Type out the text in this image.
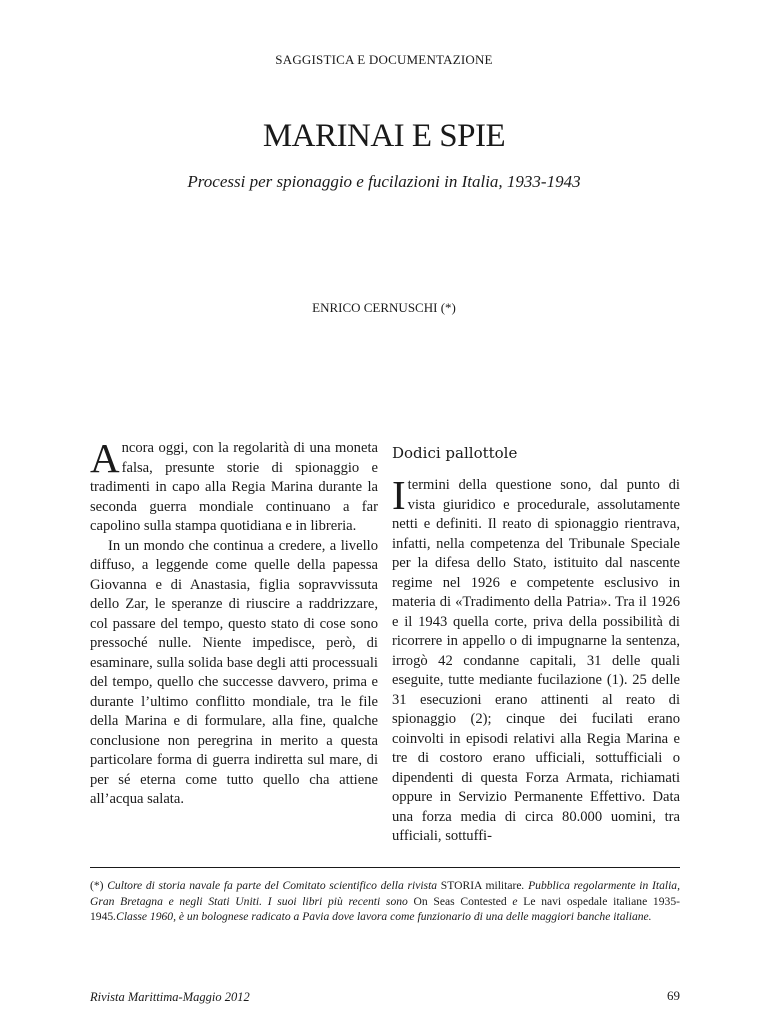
SAGGISTICA E DOCUMENTAZIONE
MARINAI E SPIE
Processi per spionaggio e fucilazioni in Italia, 1933-1943
ENRICO CERNUSCHI (*)

Ancora oggi, con la regolarità di una moneta falsa, presunte storie di spionaggio e tradimenti in capo alla Regia Marina durante la seconda guerra mondiale continuano a far capolino sulla stampa quotidiana e in libreria.

In un mondo che continua a credere, a livello diffuso, a leggende come quelle della papessa Giovanna e di Anastasia, figlia sopravvissuta dello Zar, le speranze di riuscire a raddrizzare, col passare del tempo, questo stato di cose sono pressoché nulle. Niente impedisce, però, di esaminare, sulla solida base degli atti processuali del tempo, quello che successe davvero, prima e durante l’ultimo conflitto mondiale, tra le file della Marina e di formulare, alla fine, qualche conclusione non peregrina in merito a questa particolare forma di guerra indiretta sul mare, di per sé eterna come tutto quello cha attiene all’acqua salata.

Dodici pallottole

Itermini della questione sono, dal punto di vista giuridico e procedurale, assolutamente netti e definiti. Il reato di spionaggio rientrava, infatti, nella competenza del Tribunale Speciale per la difesa dello Stato, istituito dal nascente regime nel 1926 e competente esclusivo in materia di «Tradimento della Patria». Tra il 1926 e il 1943 quella corte, priva della possibilità di ricorrere in appello o di impugnarne la sentenza, irrogò 42 condanne capitali, 31 delle quali eseguite, tutte mediante fucilazione (1). 25 delle 31 esecuzioni erano attinenti al reato di spionaggio (2); cinque dei fucilati erano coinvolti in episodi relativi alla Regia Marina e tre di costoro erano ufficiali, sottufficiali o dipendenti di questa Forza Armata, richiamati oppure in Servizio Permanente Effettivo. Data una forza media di circa 80.000 uomini, tra ufficiali, sottuffi-

(*) Cultore di storia navale fa parte del Comitato scientifico della rivista STORIA militare. Pubblica regolarmente in Italia, Gran Bretagna e negli Stati Uniti. I suoi libri più recenti sono On Seas Contested e Le navi ospedale italiane 1935-1945.Classe 1960, è un bolognese radicato a Pavia dove lavora come funzionario di una delle maggiori banche italiane.
Rivista Marittima-Maggio 2012	69
